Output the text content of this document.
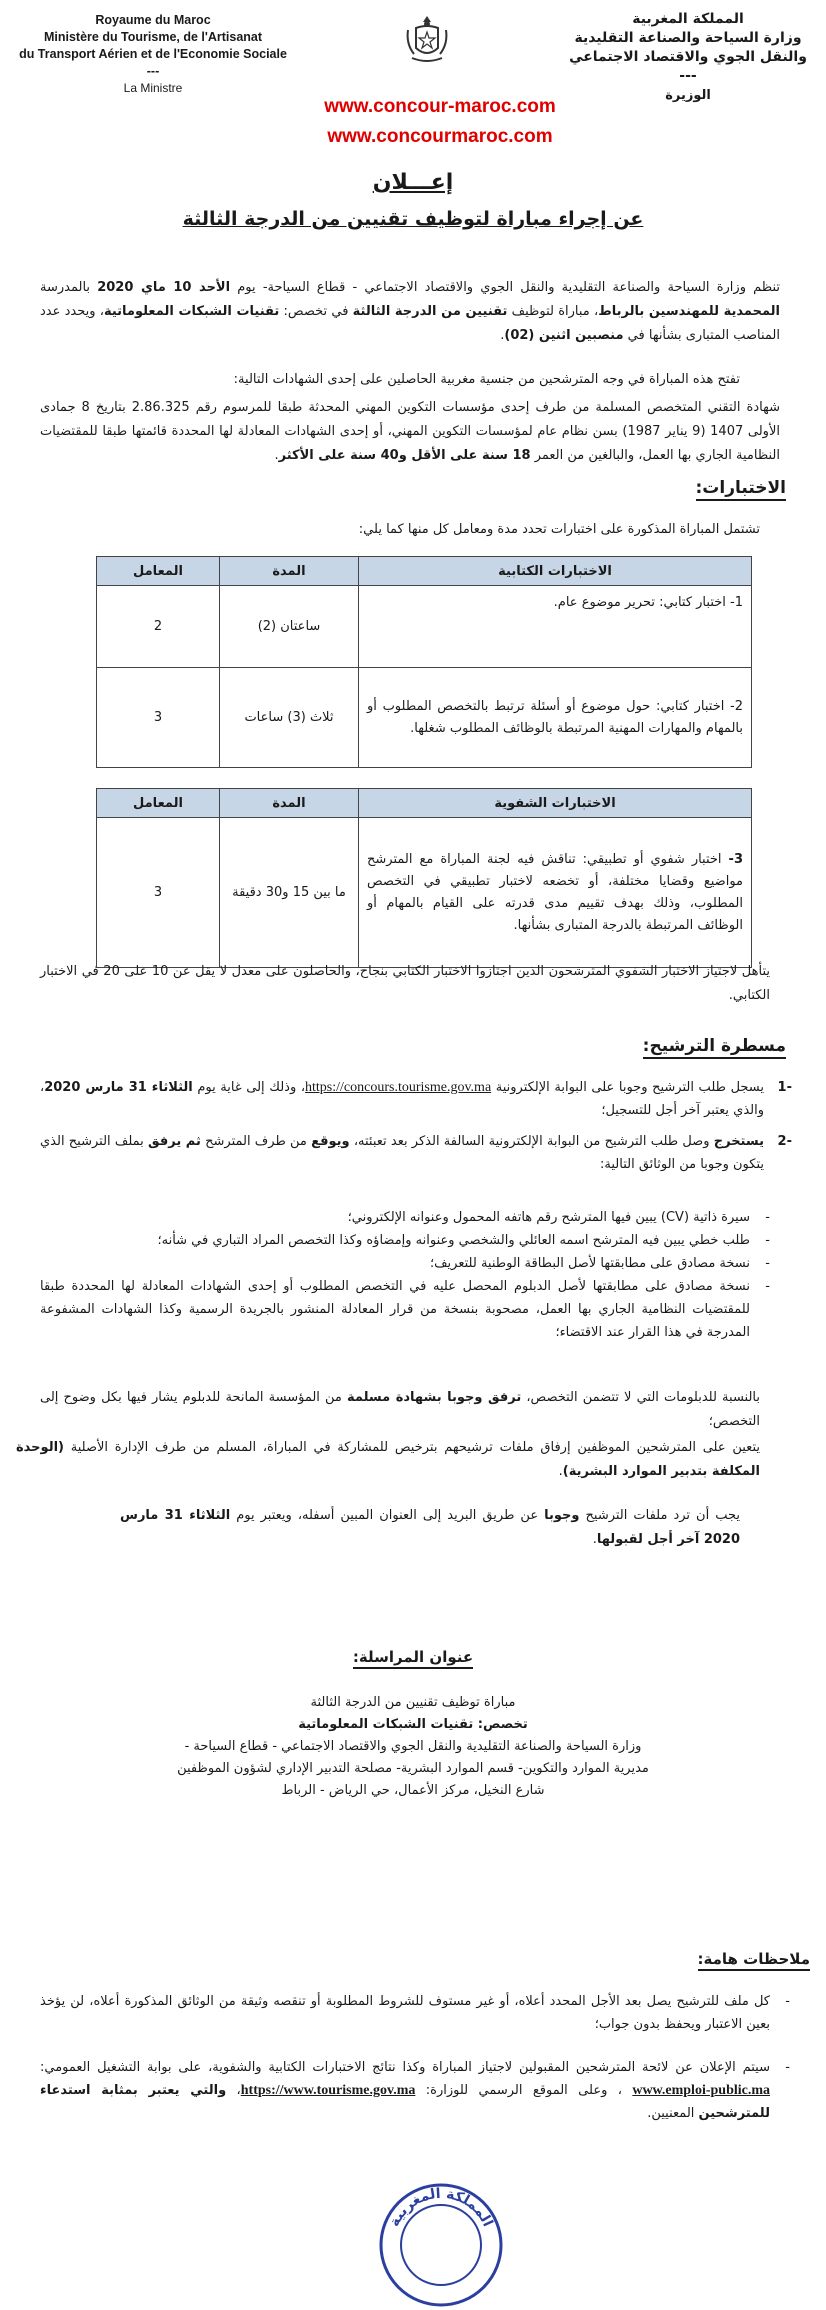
Royaume du Maroc
Ministère du Tourisme, de l'Artisanat
du Transport Aérien et de l'Economie Sociale
---
La Ministre
المملكة المغربية
وزارة السياحة والصناعة التقليدية
والنقل الجوي والاقتصاد الاجتماعي
---
الوزيرة
www.concour-maroc.com
www.concourmaroc.com
إعـــلان
عن إجراء مباراة لتوظيف تقنيين من الدرجة الثالثة
تنظم وزارة السياحة والصناعة التقليدية والنقل الجوي والاقتصاد الاجتماعي - قطاع السياحة- يوم الأحد 10 ماي 2020 بالمدرسة المحمدية للمهندسين بالرباط، مباراة لتوظيف تقنيين من الدرجة الثالثة في تخصص: تقنيات الشبكات المعلوماتية، ويحدد عدد المناصب المتبارى بشأنها في منصبين اثنين (02).
تفتح هذه المباراة في وجه المترشحين من جنسية مغربية الحاصلين على إحدى الشهادات التالية:
شهادة التقني المتخصص المسلمة من طرف إحدى مؤسسات التكوين المهني المحدثة طبقا للمرسوم رقم 2.86.325 بتاريخ 8 جمادى الأولى 1407 (9 يناير 1987) بسن نظام عام لمؤسسات التكوين المهني، أو إحدى الشهادات المعادلة لها المحددة قائمتها طبقا للمقتضيات النظامية الجاري بها العمل، والبالغين من العمر 18 سنة على الأقل و40 سنة على الأكثر.
الاختبارات:
تشتمل المباراة المذكورة على اختبارات تحدد مدة ومعامل كل منها كما يلي:
الاختبارات الكتابية	المدة	المعامل
1- اختبار كتابي: تحرير موضوع عام.	ساعتان (2)	2
2- اختبار كتابي: حول موضوع أو أسئلة ترتبط بالتخصص المطلوب أو بالمهام والمهارات المهنية المرتبطة بالوظائف المطلوب شغلها.	ثلاث (3) ساعات	3
الاختبارات الشفوية	المدة	المعامل
3- اختبار شفوي أو تطبيقي: تناقش فيه لجنة المباراة مع المترشح مواضيع وقضايا مختلفة، أو تخضعه لاختبار تطبيقي في التخصص المطلوب، وذلك بهدف تقييم مدى قدرته على القيام بالمهام أو الوظائف المرتبطة بالدرجة المتبارى بشأنها.	ما بين 15 و30 دقيقة	3
يتأهل لاجتياز الاختبار الشفوي المترشحون الذين اجتازوا الاختبار الكتابي بنجاح، والحاصلون على معدل لا يقل عن 10 على 20 في الاختبار الكتابي.
مسطرة الترشيح:
-1
يسجل طلب الترشيح وجوبا على البوابة الإلكترونية https://concours.tourisme.gov.ma، وذلك إلى غاية يوم الثلاثاء 31 مارس 2020، والذي يعتبر آخر أجل للتسجيل؛
-2
يستخرج وصل طلب الترشيح من البوابة الإلكترونية السالفة الذكر بعد تعبئته، ويوقع من طرف المترشح ثم يرفق بملف الترشيح الذي يتكون وجوبا من الوثائق التالية:
-
سيرة ذاتية (CV) يبين فيها المترشح رقم هاتفه المحمول وعنوانه الإلكتروني؛
-
طلب خطي يبين فيه المترشح اسمه العائلي والشخصي وعنوانه وإمضاؤه وكذا التخصص المراد التباري في شأنه؛
-
نسخة مصادق على مطابقتها لأصل البطاقة الوطنية للتعريف؛
-
نسخة مصادق على مطابقتها لأصل الدبلوم المحصل عليه في التخصص المطلوب أو إحدى الشهادات المعادلة لها المحددة طبقا للمقتضيات النظامية الجاري بها العمل، مصحوبة بنسخة من قرار المعادلة المنشور بالجريدة الرسمية وكذا الشهادات المشفوعة المدرجة في هذا القرار عند الاقتضاء؛
بالنسبة للدبلومات التي لا تتضمن التخصص، ترفق وجوبا بشهادة مسلمة من المؤسسة المانحة للدبلوم يشار فيها بكل وضوح إلى التخصص؛
يتعين على المترشحين الموظفين إرفاق ملفات ترشيحهم بترخيص للمشاركة في المباراة، المسلم من طرف الإدارة الأصلية (الوحدة المكلفة بتدبير الموارد البشرية).
يجب أن ترد ملفات الترشيح وجوبا عن طريق البريد إلى العنوان المبين أسفله، ويعتبر يوم الثلاثاء 31 مارس 2020 آخر أجل لقبولها.
عنوان المراسلة:
مباراة توظيف تقنيين من الدرجة الثالثة
تخصص: تقنيات الشبكات المعلوماتية
وزارة السياحة والصناعة التقليدية والنقل الجوي والاقتصاد الاجتماعي - قطاع السياحة -
مديرية الموارد والتكوين- قسم الموارد البشرية- مصلحة التدبير الإداري لشؤون الموظفين
شارع النخيل، مركز الأعمال، حي الرياض - الرباط
ملاحظات هامة:
-
كل ملف للترشيح يصل بعد الأجل المحدد أعلاه، أو غير مستوف للشروط المطلوبة أو تنقصه وثيقة من الوثائق المذكورة أعلاه، لن يؤخذ بعين الاعتبار ويحفظ بدون جواب؛
-
سيتم الإعلان عن لائحة المترشحين المقبولين لاجتياز المباراة وكذا نتائج الاختبارات الكتابية والشفوية، على بوابة التشغيل العمومي: www.emploi-public.ma ، وعلى الموقع الرسمي للوزارة: https://www.tourisme.gov.ma، والتي يعتبر بمثابة استدعاء للمترشحين المعنيين.
المملكة المغربية
